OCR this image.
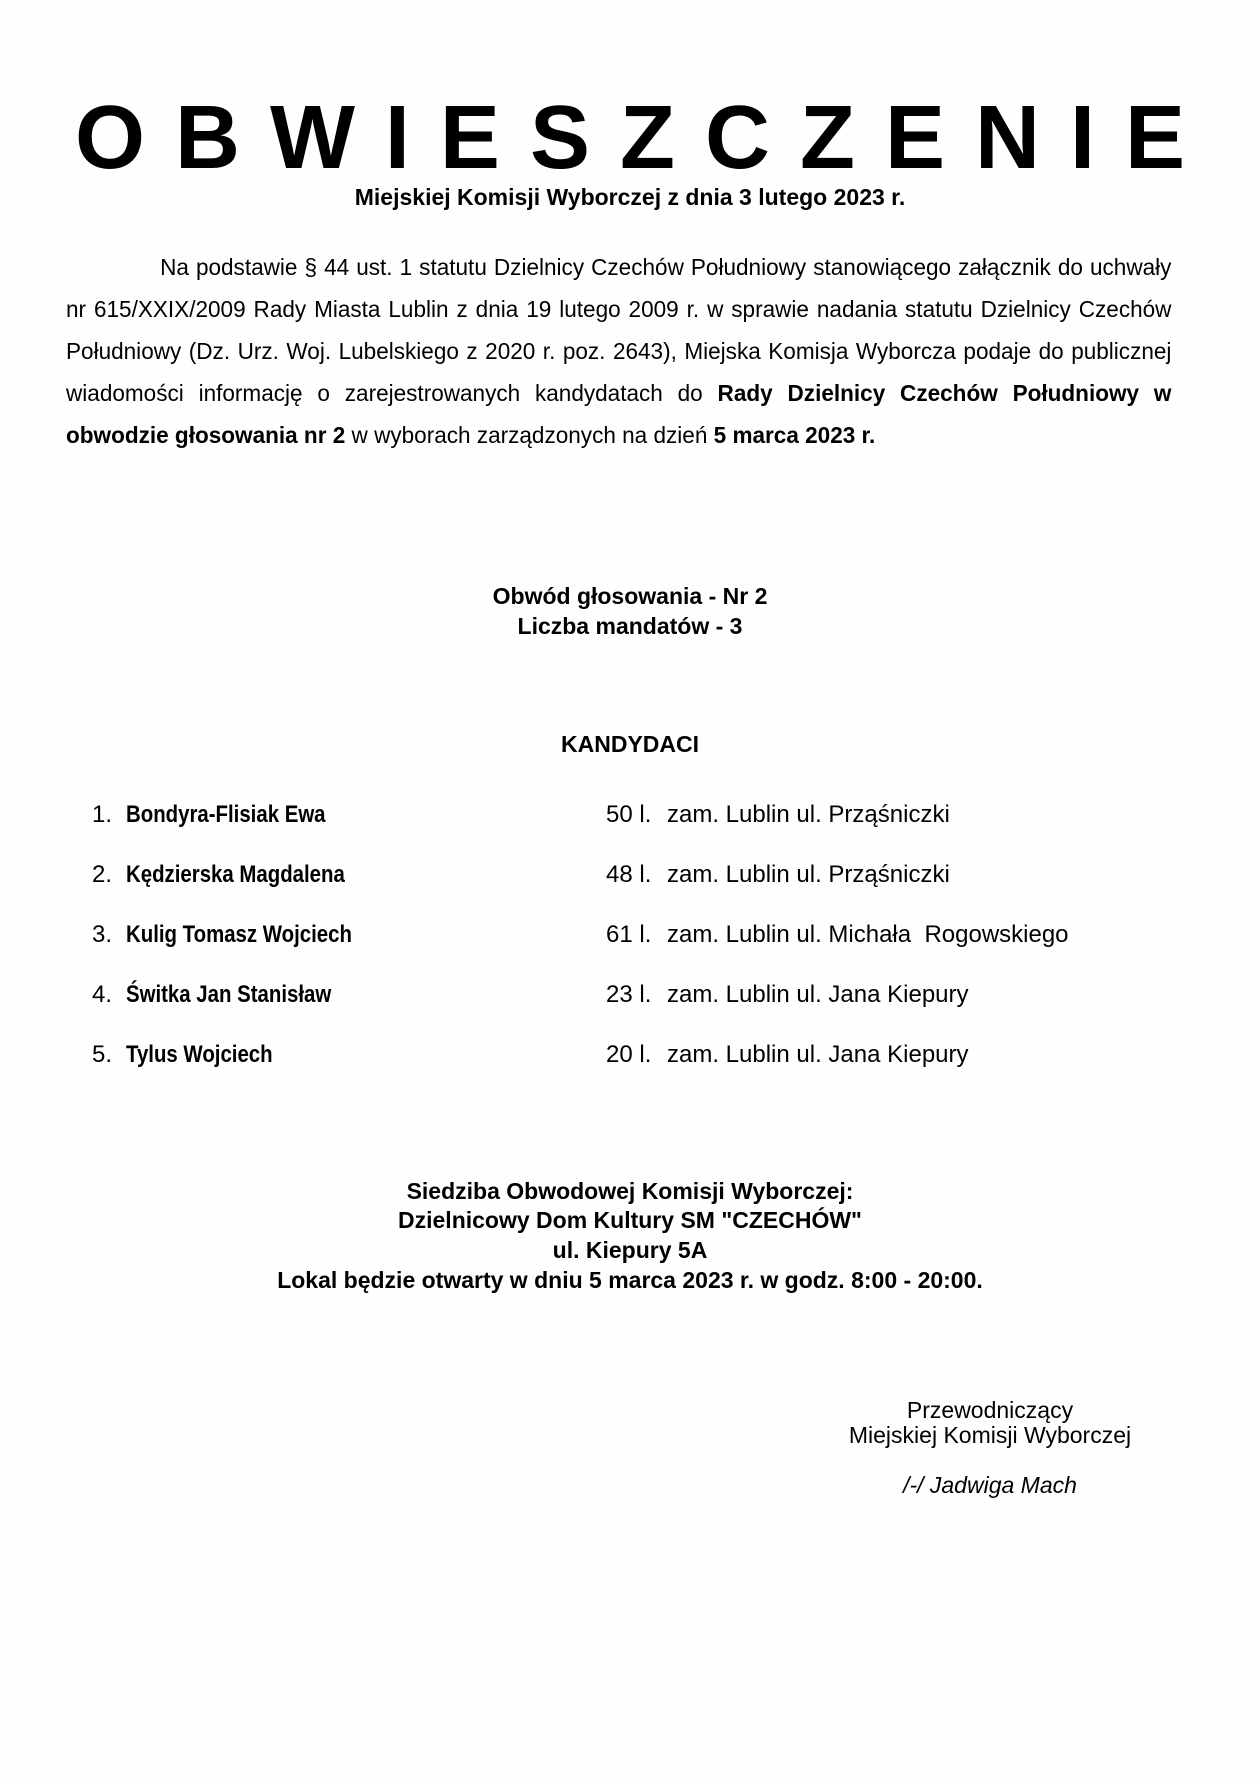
OBWIESZCZENIE
Miejskiej Komisji Wyborczej z dnia 3 lutego 2023 r.
Na podstawie § 44 ust. 1 statutu Dzielnicy Czechów Południowy stanowiącego załącznik do uchwały nr 615/XXIX/2009 Rady Miasta Lublin z dnia 19 lutego 2009 r. w sprawie nadania statutu Dzielnicy Czechów Południowy (Dz. Urz. Woj. Lubelskiego z 2020 r. poz. 2643), Miejska Komisja Wyborcza podaje do publicznej wiadomości informację o zarejestrowanych kandydatach do Rady Dzielnicy Czechów Południowy w obwodzie głosowania nr 2 w wyborach zarządzonych na dzień 5 marca 2023 r.
Obwód głosowania - Nr 2
Liczba mandatów - 3
KANDYDACI
1. Bondyra-Flisiak Ewa	50 l. zam. Lublin ul. Prząśniczki
2. Kędzierska Magdalena	48 l. zam. Lublin ul. Prząśniczki
3. Kulig Tomasz Wojciech	61 l. zam. Lublin ul. Michała  Rogowskiego
4. Świtka Jan Stanisław	23 l. zam. Lublin ul. Jana Kiepury
5. Tylus Wojciech	20 l. zam. Lublin ul. Jana Kiepury
Siedziba Obwodowej Komisji Wyborczej:
Dzielnicowy Dom Kultury SM "CZECHÓW"
ul. Kiepury 5A
Lokal będzie otwarty w dniu 5 marca 2023 r. w godz. 8:00 - 20:00.
Przewodniczący
Miejskiej Komisji Wyborczej
/-/ Jadwiga Mach
